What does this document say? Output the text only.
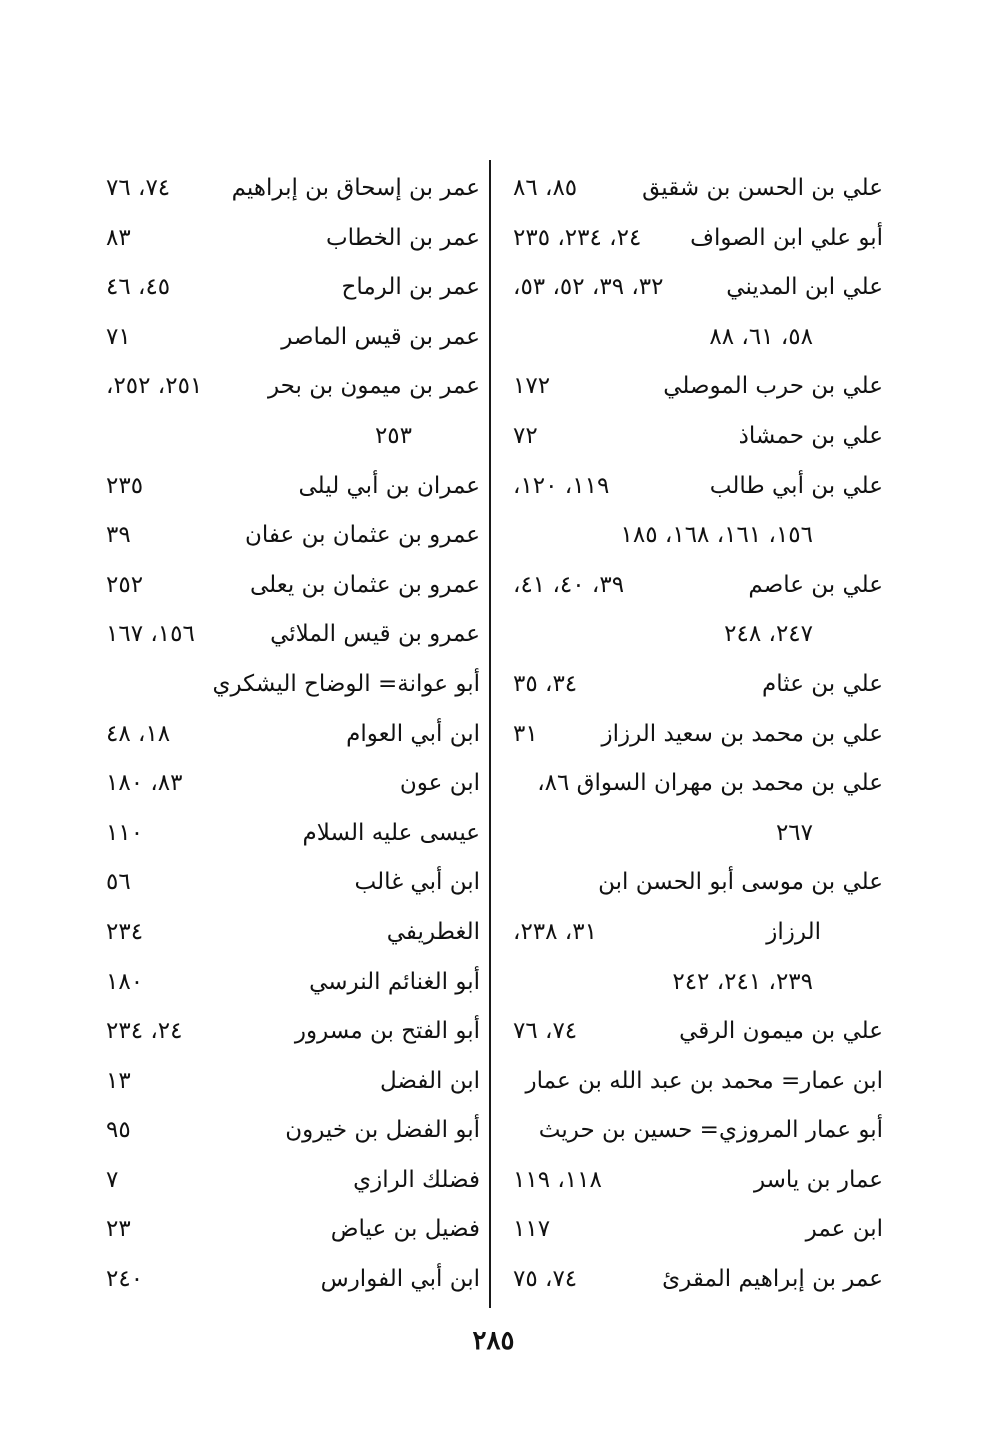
علي بن الحسن بن شقيق
٨٥، ٨٦
أبو علي ابن الصواف
٢٤، ٢٣٤، ٢٣٥
علي ابن المديني
٣٢، ٣٩، ٥٢، ٥٣،
٥٨، ٦١، ٨٨
علي بن حرب الموصلي
١٧٢
علي بن حمشاذ
٧٢
علي بن أبي طالب
١١٩، ١٢٠،
١٥٦، ١٦١، ١٦٨، ١٨٥
علي بن عاصم
٣٩، ٤٠، ٤١،
٢٤٧، ٢٤٨
علي بن عثام
٣٤، ٣٥
علي بن محمد بن سعيد الرزاز
٣١
علي بن محمد بن مهران السواق ٨٦،
٢٦٧
علي بن موسى أبو الحسن ابن
الرزاز
٣١، ٢٣٨،
٢٣٩، ٢٤١، ٢٤٢
علي بن ميمون الرقي
٧٤، ٧٦
ابن عمار= محمد بن عبد الله بن عمار
أبو عمار المروزي= حسين بن حريث
عمار بن ياسر
١١٨، ١١٩
ابن عمر
١١٧
عمر بن إبراهيم المقرئ
٧٤، ٧٥
عمر بن إسحاق بن إبراهيم
٧٤، ٧٦
عمر بن الخطاب
٨٣
عمر بن الرماح
٤٥، ٤٦
عمر بن قيس الماصر
٧١
عمر بن ميمون بن بحر
٢٥١، ٢٥٢،
٢٥٣
عمران بن أبي ليلى
٢٣٥
عمرو بن عثمان بن عفان
٣٩
عمرو بن عثمان بن يعلى
٢٥٢
عمرو بن قيس الملائي
١٥٦، ١٦٧
أبو عوانة= الوضاح اليشكري
ابن أبي العوام
١٨، ٤٨
ابن عون
٨٣، ١٨٠
عيسى عليه السلام
١١٠
ابن أبي غالب
٥٦
الغطريفي
٢٣٤
أبو الغنائم النرسي
١٨٠
أبو الفتح بن مسرور
٢٤، ٢٣٤
ابن الفضل
١٣
أبو الفضل بن خيرون
٩٥
فضلك الرازي
٧
فضيل بن عياض
٢٣
ابن أبي الفوارس
٢٤٠
٢٨٥
